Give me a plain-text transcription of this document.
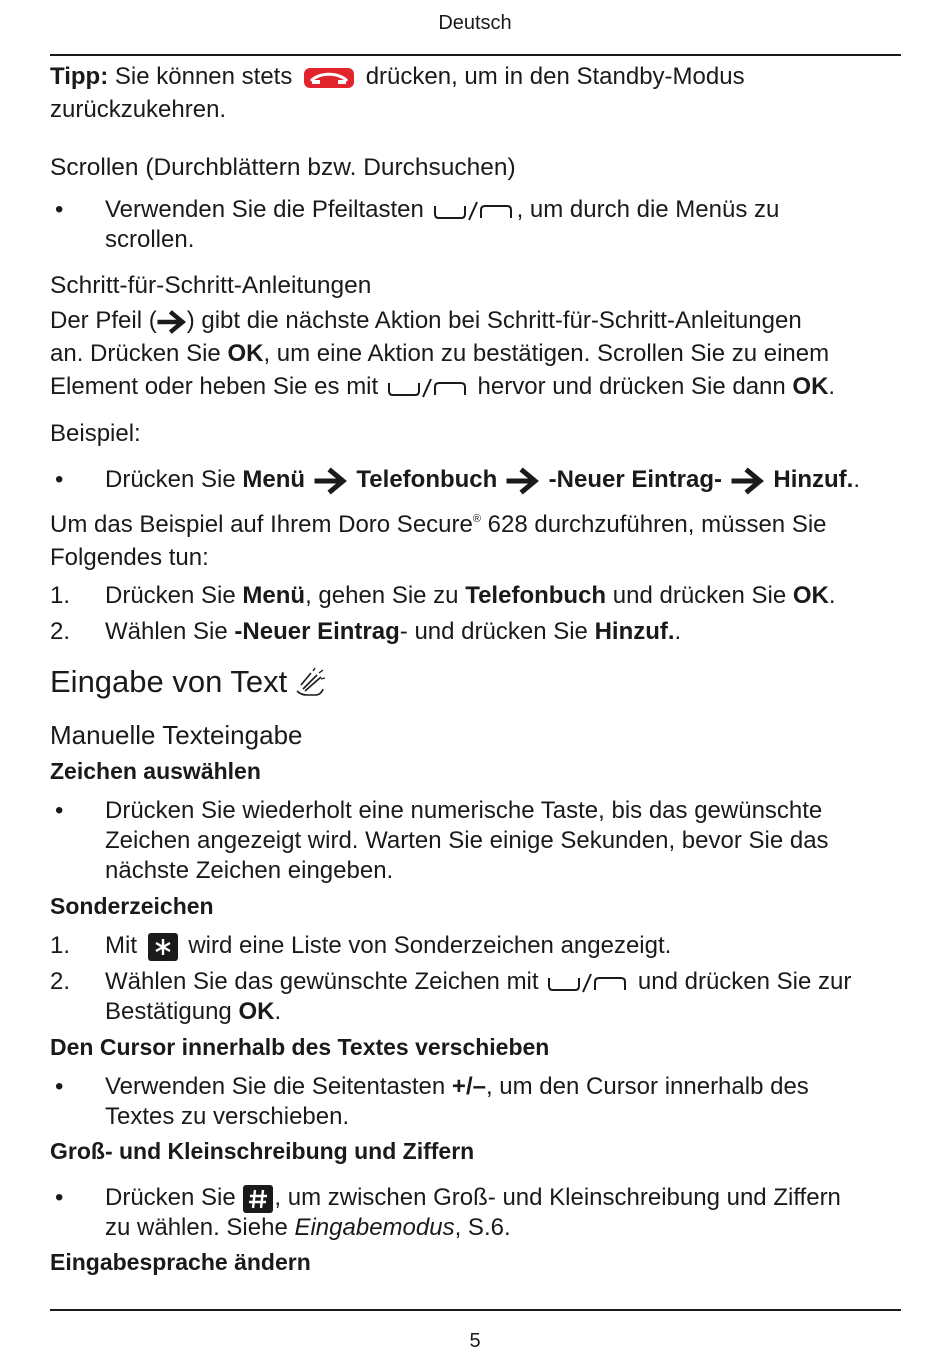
Deutsch
Tipp: Sie können stets	drücken, um in den Standby-Modus
zurückzukehren.
Scrollen (Durchblättern bzw. Durchsuchen)
•	Verwenden Sie die Pfeiltasten	, um durch die Menüs zu
scrollen.
Schritt-für-Schritt-Anleitungen
Der Pfeil ( ) gibt die nächste Aktion bei Schritt-für-Schritt-Anleitungen
an. Drücken Sie OK, um eine Aktion zu bestätigen. Scrollen Sie zu einem
Element oder heben Sie es mit	hervor und drücken Sie dann OK.
Beispiel:
•	Drücken Sie Menü Telefonbuch -Neuer Eintrag- Hinzuf..
Um das Beispiel auf Ihrem Doro Secure® 628 durchzuführen, müssen Sie
Folgendes tun:
1.	Drücken Sie Menü, gehen Sie zu Telefonbuch und drücken Sie OK.
2.	Wählen Sie -Neuer Eintrag- und drücken Sie Hinzuf..
Eingabe von Text
Manuelle Texteingabe
Zeichen auswählen
•	Drücken Sie wiederholt eine numerische Taste, bis das gewünschte
Zeichen angezeigt wird. Warten Sie einige Sekunden, bevor Sie das
nächste Zeichen eingeben.
Sonderzeichen
1.	Mit wird eine Liste von Sonderzeichen angezeigt.
2.	Wählen Sie das gewünschte Zeichen mit	und drücken Sie zur
Bestätigung OK.
Den Cursor innerhalb des Textes verschieben
•	Verwenden Sie die Seitentasten +/–, um den Cursor innerhalb des
Textes zu verschieben.
Groß- und Kleinschreibung und Ziffern
•	Drücken Sie , um zwischen Groß- und Kleinschreibung und Ziffern
zu wählen. Siehe Eingabemodus, S.6.
Eingabesprache ändern
5
